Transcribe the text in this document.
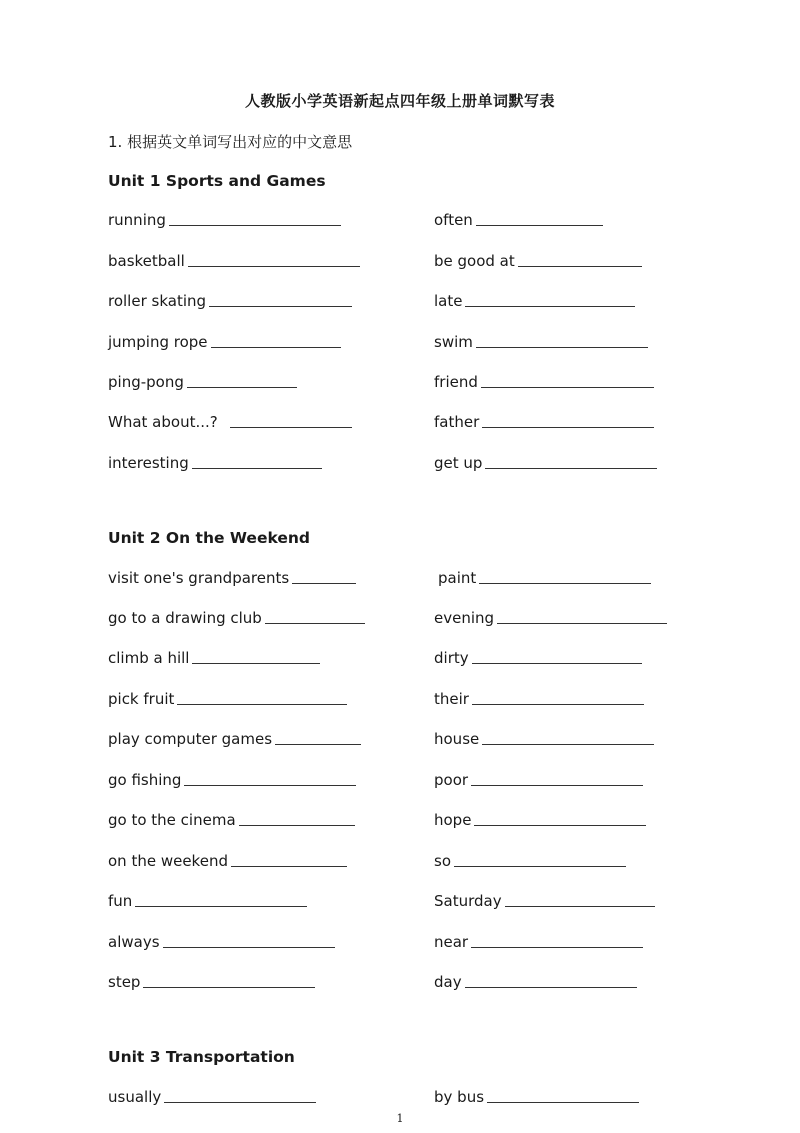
人教版小学英语新起点四年级上册单词默写表
1. 根据英文单词写出对应的中文意思
Unit 1 Sports and Games
running	often
basketball	be good at
roller skating	late
jumping rope	swim
ping-pong	friend
What about...?	father
interesting	get up
Unit 2 On the Weekend
visit one's grandparents	paint
go to a drawing club	evening
climb a hill	dirty
pick fruit	their
play computer games	house
go fishing	poor
go to the cinema	hope
on the weekend	so
fun	Saturday
always	near
step	day
Unit 3 Transportation
usually	by bus
1
